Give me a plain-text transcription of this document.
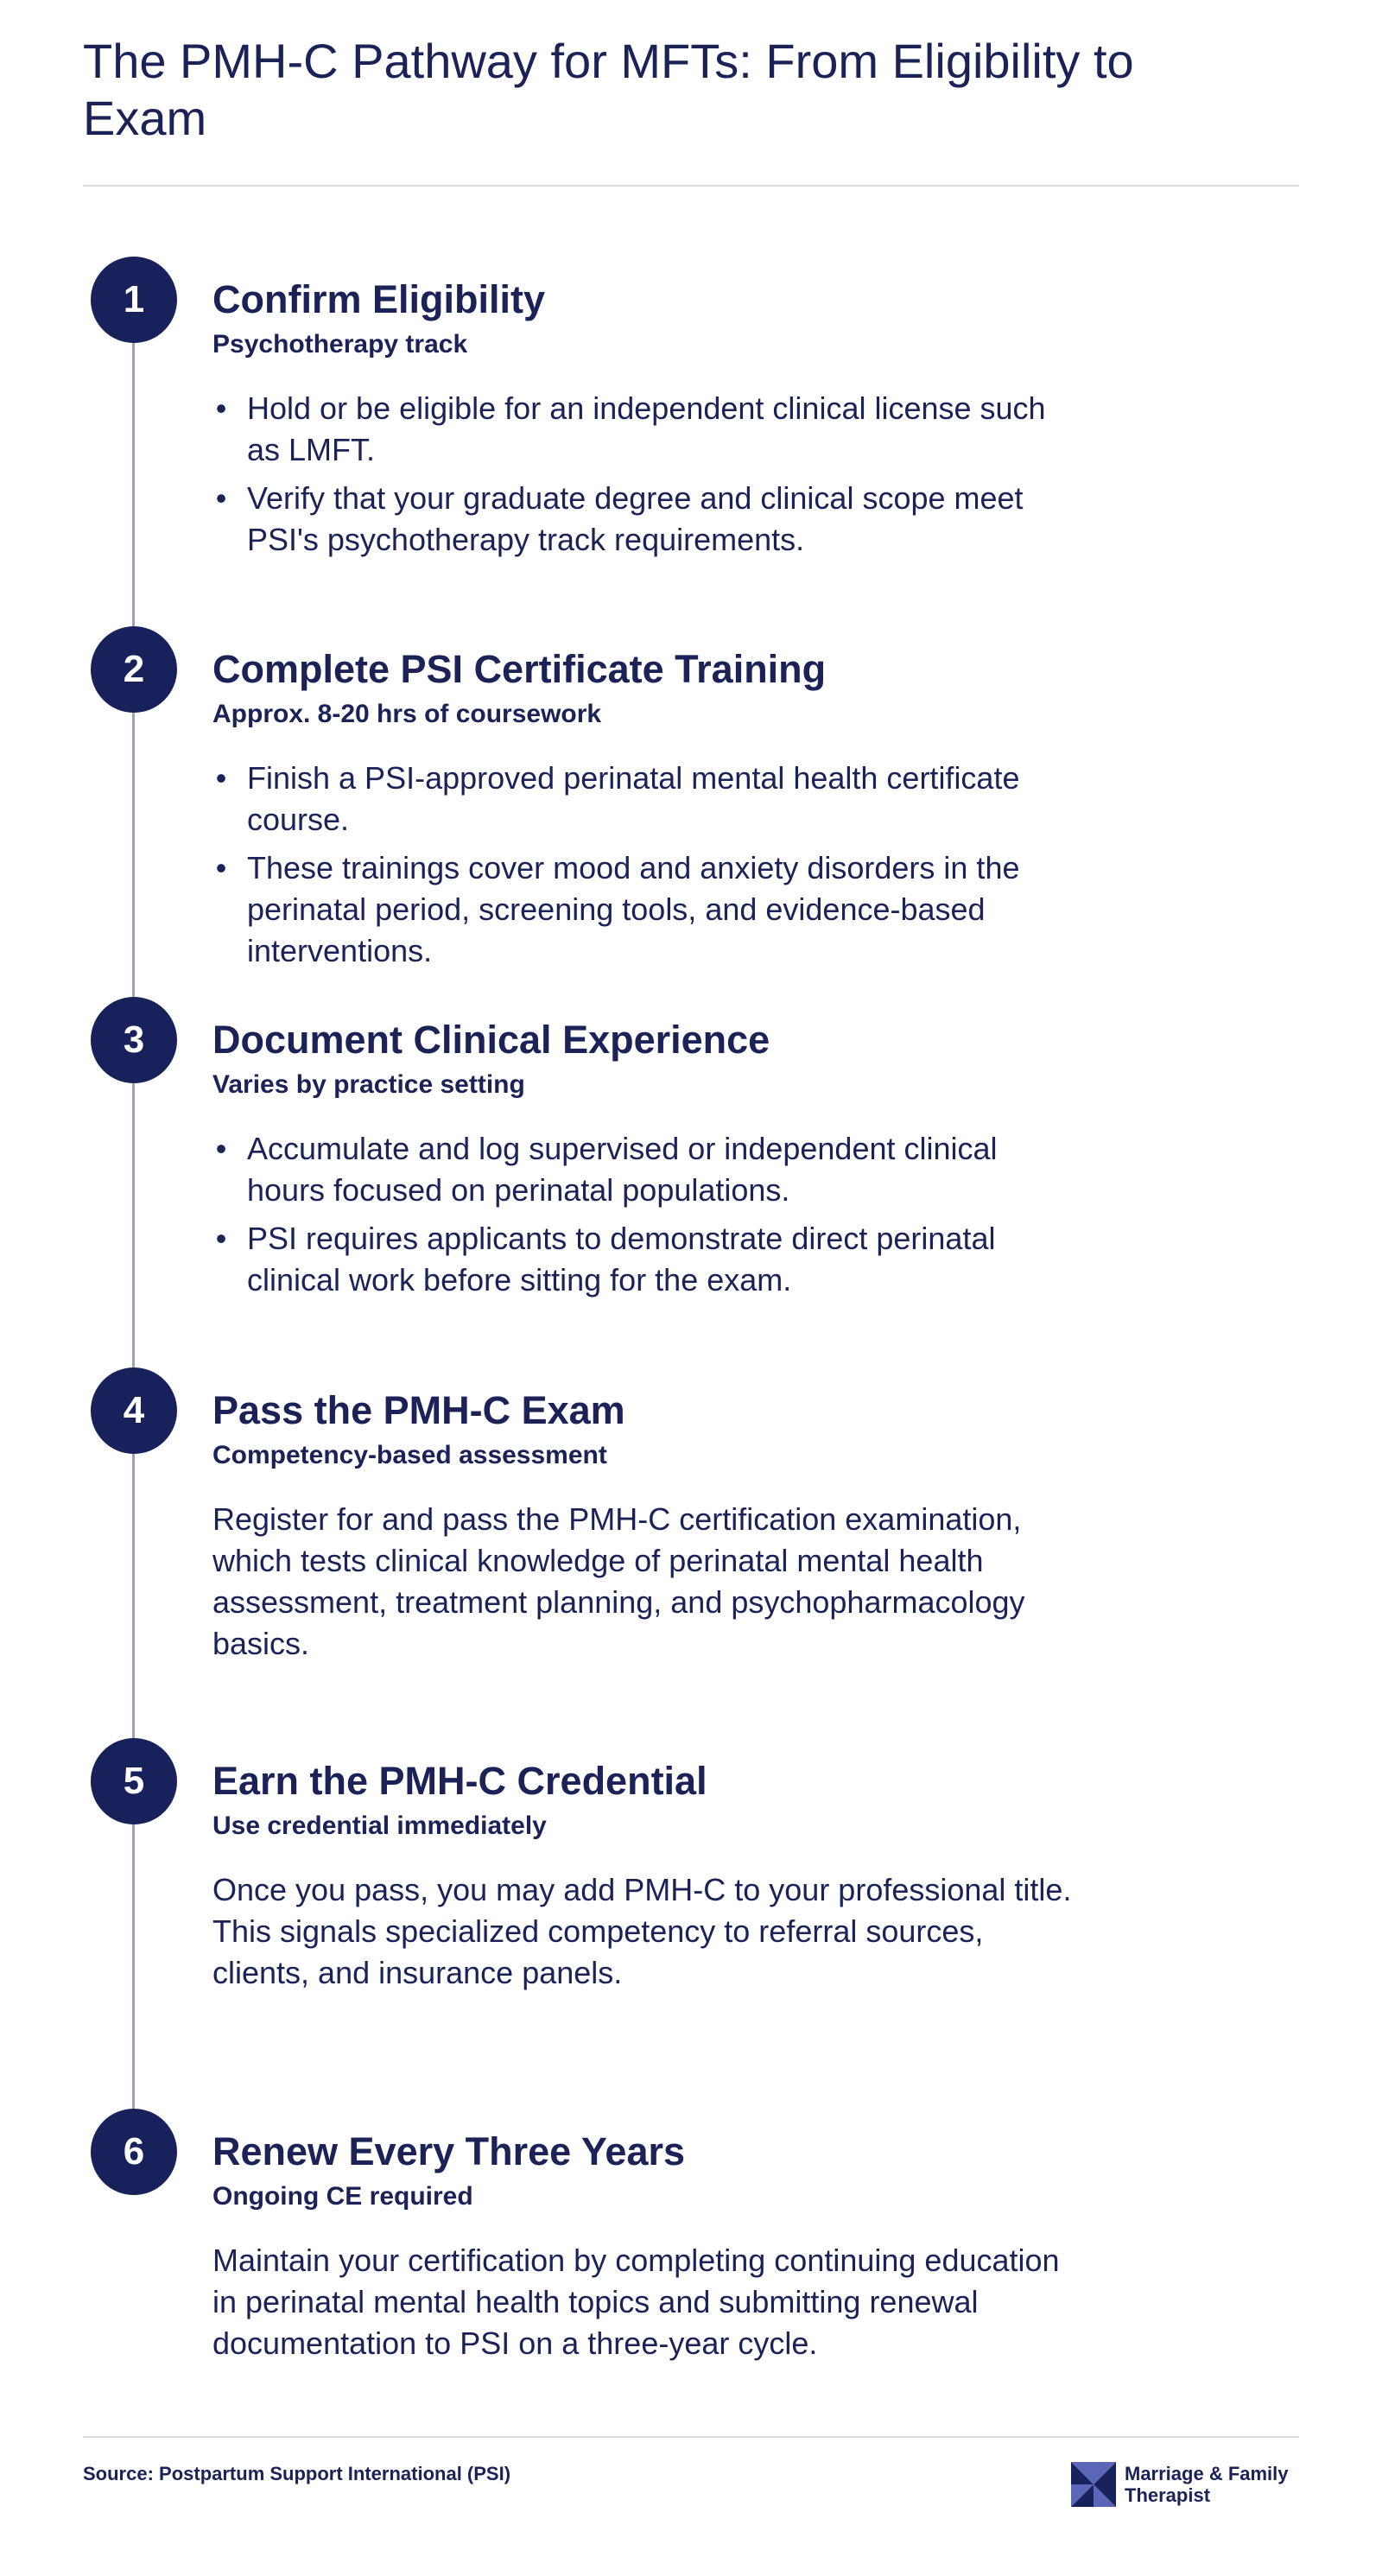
The PMH-C Pathway for MFTs: From Eligibility to Exam
1	Confirm Eligibility

Psychotherapy track

• Hold or be eligible for an independent clinical license such as LMFT.
• Verify that your graduate degree and clinical scope meet PSI's psychotherapy track requirements.
2	Complete PSI Certificate Training

Approx. 8-20 hrs of coursework

• Finish a PSI-approved perinatal mental health certificate course.
• These trainings cover mood and anxiety disorders in the perinatal period, screening tools, and evidence-based interventions.
3	Document Clinical Experience

Varies by practice setting

• Accumulate and log supervised or independent clinical hours focused on perinatal populations.
• PSI requires applicants to demonstrate direct perinatal clinical work before sitting for the exam.
4	Pass the PMH-C Exam

Competency-based assessment

Register for and pass the PMH-C certification examination, which tests clinical knowledge of perinatal mental health assessment, treatment planning, and psychopharmacology basics.

5	Earn the PMH-C Credential

Use credential immediately

Once you pass, you may add PMH-C to your professional title. This signals specialized competency to referral sources, clients, and insurance panels.

6	Renew Every Three Years

Ongoing CE required

Maintain your certification by completing continuing education in perinatal mental health topics and submitting renewal documentation to PSI on a three-year cycle.

Source: Postpartum Support International (PSI)	Marriage & Family Therapist
